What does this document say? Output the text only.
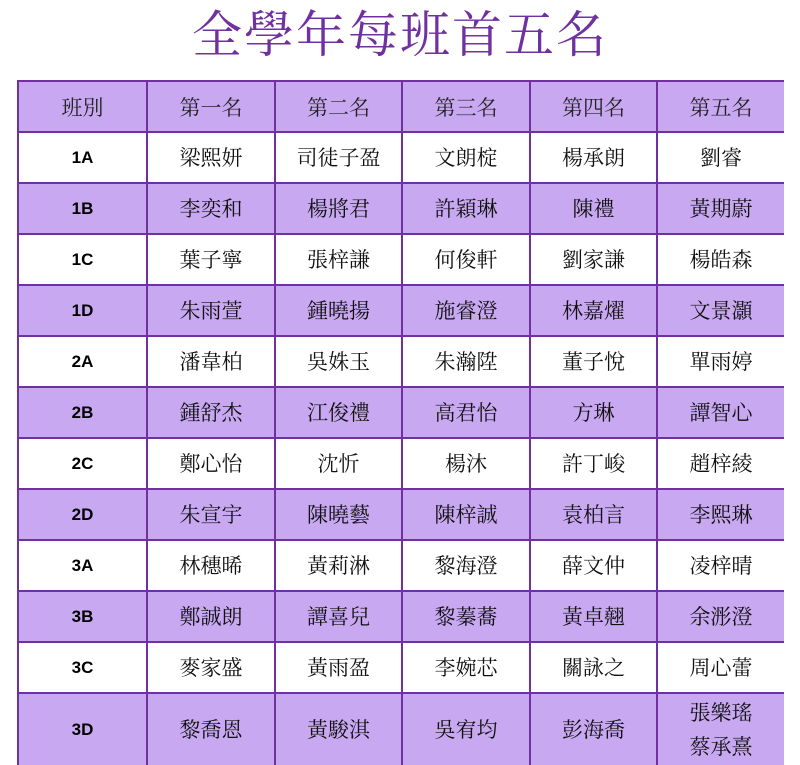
全學年每班首五名
班別	第一名	第二名	第三名	第四名	第五名
1A	梁熙妍	司徒子盈	文朗椗	楊承朗	劉睿

1B	李奕和	楊將君	許穎琳	陳禮	黃期蔚

1C	葉子寧	張梓謙	何俊軒	劉家謙	楊皓森

1D	朱雨萱	鍾曉揚	施睿澄	林嘉燿	文景灝

2A	潘韋柏	吳姝玉	朱瀚陞	董子悅	單雨婷

2B	鍾舒杰	江俊禮	高君怡	方琳	譚智心

2C	鄭心怡	沈忻	楊沐	許丁峻	趙梓綾

2D	朱宣宇	陳曉藝	陳梓誠	袁柏言	李熙琳

3A	林穗晞	黃莉淋	黎海澄	薛文仲	凌梓晴

3B	鄭誠朗	譚喜兒	黎蓁蕎	黃卓翹	余浵澄

3C	麥家盛	黃雨盈	李婉芯	關詠之	周心蕾

3D	黎喬恩	黃駿淇	吳宥均	彭海喬	張樂瑤
蔡承熹
